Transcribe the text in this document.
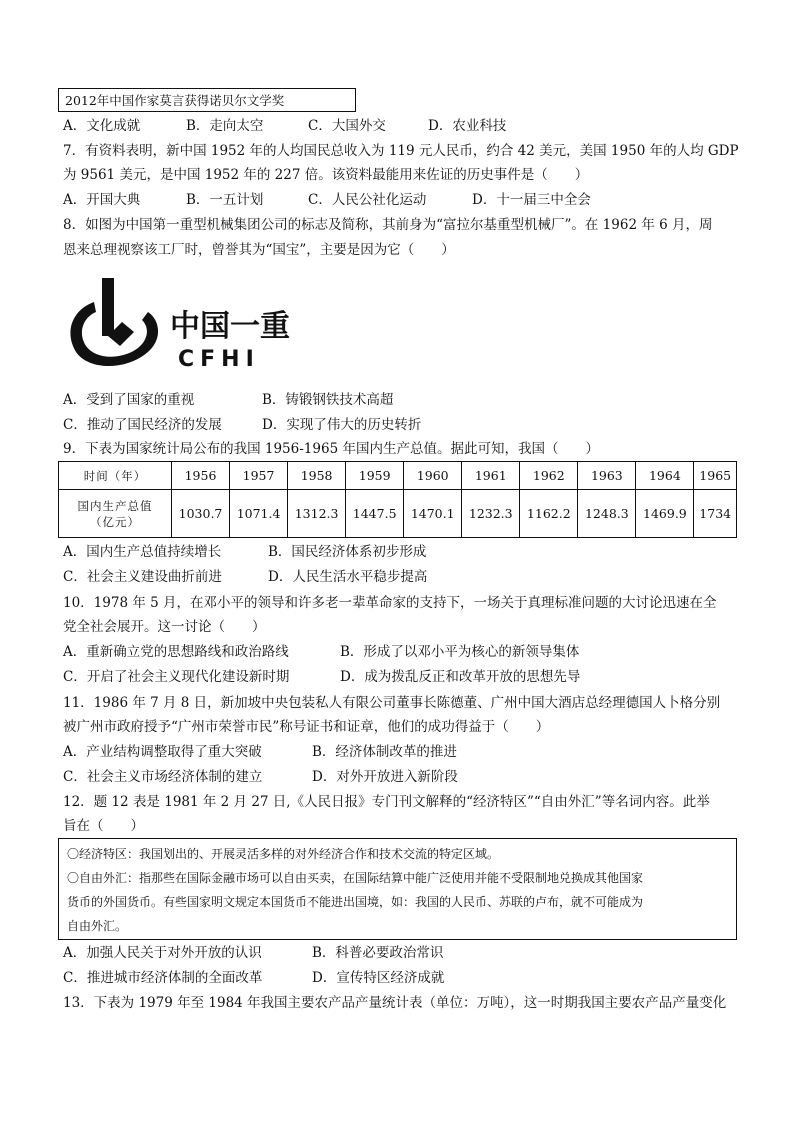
2012年中国作家莫言获得诺贝尔文学奖
A．文化成就	B．走向太空	C．大国外交	D．农业科技
7．有资料表明，新中国 1952 年的人均国民总收入为 119 元人民币，约合 42 美元，美国 1950 年的人均 GDP
为 9561 美元，是中国 1952 年的 227 倍。该资料最能用来佐证的历史事件是（　　）
A．开国大典	B．一五计划	C．人民公社化运动	D．十一届三中全会
8．如图为中国第一重型机械集团公司的标志及简称，其前身为“富拉尔基重型机械厂”。在 1962 年 6 月，周
恩来总理视察该工厂时，曾誉其为“国宝”，主要是因为它（　　）
中国一重
CFHI
A．受到了国家的重视	B．铸锻钢铁技术高超
C．推动了国民经济的发展	D．实现了伟大的历史转折
9．下表为国家统计局公布的我国 1956-1965 年国内生产总值。据此可知，我国（　　）
时间（年）	1956	1957	1958	1959	1960	1961	1962	1963	1964	1965

国内生产总值
（亿元）	1030.7	1071.4	1312.3	1447.5	1470.1	1232.3	1162.2	1248.3	1469.9	1734
A．国内生产总值持续增长	B．国民经济体系初步形成
C．社会主义建设曲折前进	D．人民生活水平稳步提高
10．1978 年 5 月，在邓小平的领导和许多老一辈革命家的支持下，一场关于真理标准问题的大讨论迅速在全
党全社会展开。这一讨论（　　）
A．重新确立党的思想路线和政治路线	B．形成了以邓小平为核心的新领导集体
C．开启了社会主义现代化建设新时期	D．成为拨乱反正和改革开放的思想先导
11．1986 年 7 月 8 日，新加坡中央包装私人有限公司董事长陈德董、广州中国大酒店总经理德国人卜格分别
被广州市政府授予“广州市荣誉市民”称号证书和证章，他们的成功得益于（　　）
A．产业结构调整取得了重大突破	B．经济体制改革的推进
C．社会主义市场经济体制的建立	D．对外开放进入新阶段
12．题 12 表是 1981 年 2 月 27 日,《人民日报》专门刊文解释的“经济特区”“自由外汇”等名词内容。此举
旨在（　　）
〇经济特区：我国划出的、开展灵活多样的对外经济合作和技术交流的特定区域。
〇自由外汇：指那些在国际金融市场可以自由买卖，在国际结算中能广泛使用并能不受限制地兑换成其他国家
货币的外国货币。有些国家明文规定本国货币不能进出国境，如：我国的人民币、苏联的卢布，就不可能成为
自由外汇。
A．加强人民关于对外开放的认识	B．科普必要政治常识
C．推进城市经济体制的全面改革	D．宣传特区经济成就
13．下表为 1979 年至 1984 年我国主要农产品产量统计表（单位：万吨），这一时期我国主要农产品产量变化
